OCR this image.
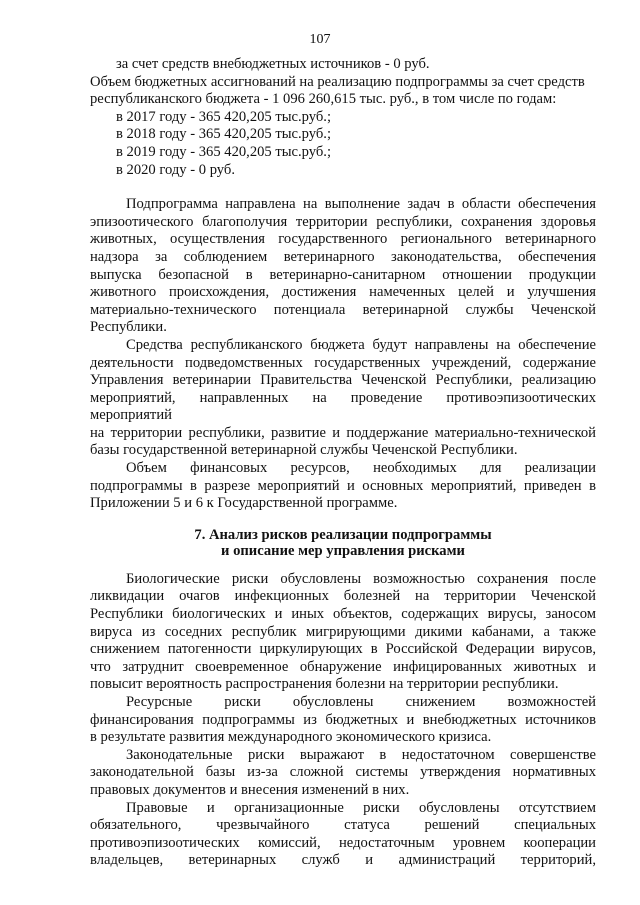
107
за счет средств внебюджетных источников - 0 руб.
Объем бюджетных ассигнований на реализацию подпрограммы за счет средств
республиканского бюджета - 1 096 260,615 тыс. руб., в том числе по годам:
в 2017 году - 365 420,205 тыс.руб.;
в 2018 году - 365 420,205 тыс.руб.;
в 2019 году - 365 420,205 тыс.руб.;
в 2020 году - 0 руб.
Подпрограмма направлена на выполнение задач в области обеспечения
эпизоотического благополучия территории республики, сохранения здоровья
животных, осуществления государственного регионального ветеринарного
надзора за соблюдением ветеринарного законодательства, обеспечения
выпуска безопасной в ветеринарно-санитарном отношении продукции
животного происхождения, достижения намеченных целей и улучшения
материально-технического потенциала ветеринарной службы Чеченской
Республики.
Средства республиканского бюджета будут направлены на обеспечение
деятельности подведомственных государственных учреждений, содержание
Управления ветеринарии Правительства Чеченской Республики, реализацию
мероприятий, направленных на проведение противоэпизоотических мероприятий
на территории республики, развитие и поддержание материально-технической
базы государственной ветеринарной службы Чеченской Республики.
Объем финансовых ресурсов, необходимых для реализации
подпрограммы в разрезе мероприятий и основных мероприятий, приведен в
Приложении 5 и 6 к Государственной программе.
7. Анализ рисков реализации подпрограммы
и описание мер управления рисками
Биологические риски обусловлены возможностью сохранения после
ликвидации очагов инфекционных болезней на территории Чеченской
Республики биологических и иных объектов, содержащих вирусы, заносом
вируса из соседних республик мигрирующими дикими кабанами, а также
снижением патогенности циркулирующих в Российской Федерации вирусов,
что затруднит своевременное обнаружение инфицированных животных и
повысит вероятность распространения болезни на территории республики.
Ресурсные риски обусловлены снижением возможностей
финансирования подпрограммы из бюджетных и внебюджетных источников
в результате развития международного экономического кризиса.
Законодательные риски выражают в недостаточном совершенстве
законодательной базы из-за сложной системы утверждения нормативных
правовых документов и внесения изменений в них.
Правовые и организационные риски обусловлены отсутствием
обязательного, чрезвычайного статуса решений специальных
противоэпизоотических комиссий, недостаточным уровнем кооперации
владельцев, ветеринарных служб и администраций территорий,
